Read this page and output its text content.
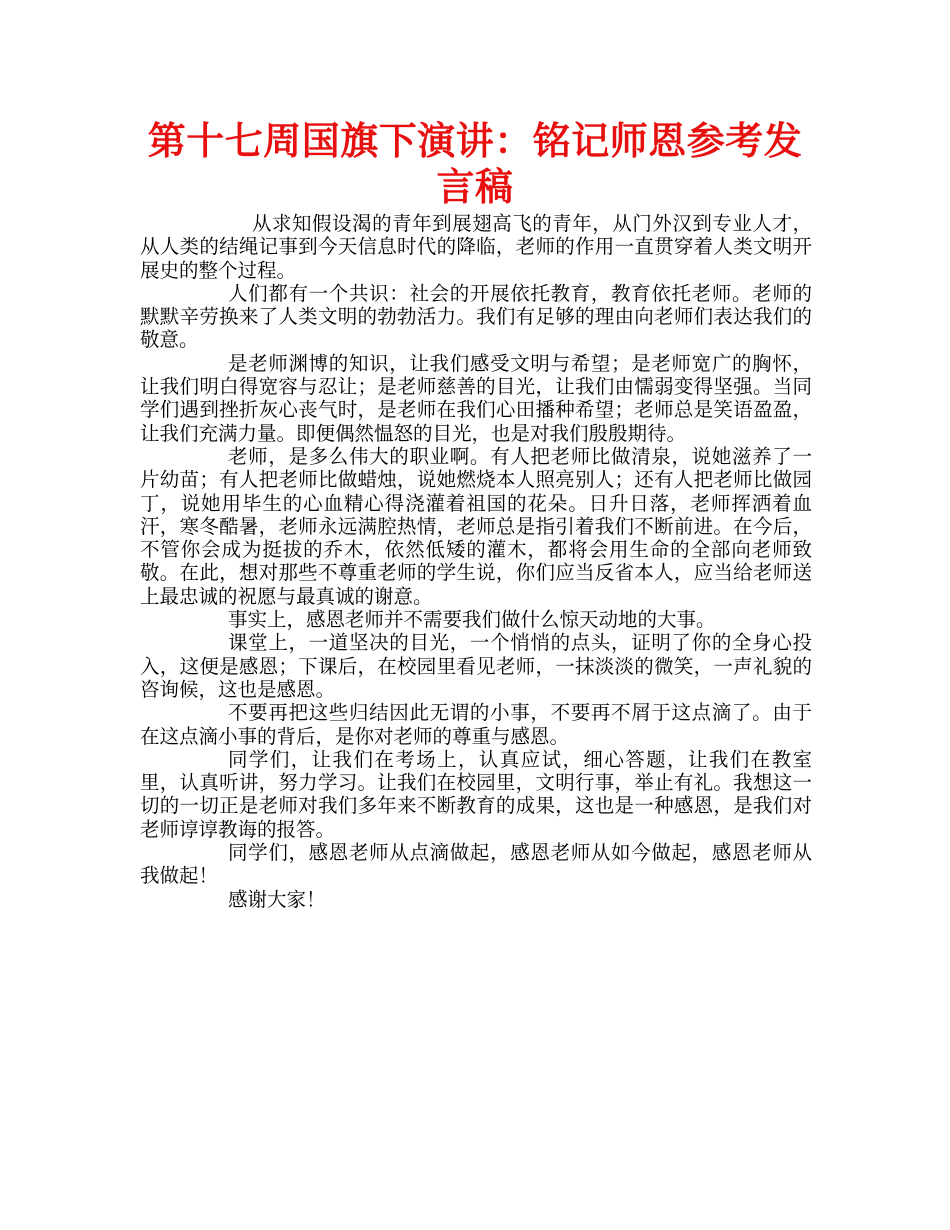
第十七周国旗下演讲：铭记师恩参考发言稿

从求知假设渴的青年到展翅高飞的青年，从门外汉到专业人才，从人类的结绳记事到今天信息时代的降临，老师的作用一直贯穿着人类文明开展史的整个过程。

人们都有一个共识：社会的开展依托教育，教育依托老师。老师的默默辛劳换来了人类文明的勃勃活力。我们有足够的理由向老师们表达我们的敬意。

是老师渊博的知识，让我们感受文明与希望；是老师宽广的胸怀，让我们明白得宽容与忍让；是老师慈善的目光，让我们由懦弱变得坚强。当同学们遇到挫折灰心丧气时，是老师在我们心田播种希望；老师总是笑语盈盈，让我们充满力量。即便偶然愠怒的目光，也是对我们殷殷期待。

老师，是多么伟大的职业啊。有人把老师比做清泉，说她滋养了一片幼苗；有人把老师比做蜡烛，说她燃烧本人照亮别人；还有人把老师比做园丁，说她用毕生的心血精心得浇灌着祖国的花朵。日升日落，老师挥洒着血汗，寒冬酷暑，老师永远满腔热情，老师总是指引着我们不断前进。在今后，不管你会成为挺拔的乔木，依然低矮的灌木，都将会用生命的全部向老师致敬。在此，想对那些不尊重老师的学生说，你们应当反省本人，应当给老师送上最忠诚的祝愿与最真诚的谢意。

事实上，感恩老师并不需要我们做什么惊天动地的大事。

课堂上，一道坚决的目光，一个悄悄的点头，证明了你的全身心投入，这便是感恩；下课后，在校园里看见老师，一抹淡淡的微笑，一声礼貌的咨询候，这也是感恩。

不要再把这些归结因此无谓的小事，不要再不屑于这点滴了。由于在这点滴小事的背后，是你对老师的尊重与感恩。

同学们，让我们在考场上，认真应试，细心答题，让我们在教室里，认真听讲，努力学习。让我们在校园里，文明行事，举止有礼。我想这一切的一切正是老师对我们多年来不断教育的成果，这也是一种感恩，是我们对老师谆谆教诲的报答。

同学们，感恩老师从点滴做起，感恩老师从如今做起，感恩老师从我做起！

感谢大家！
